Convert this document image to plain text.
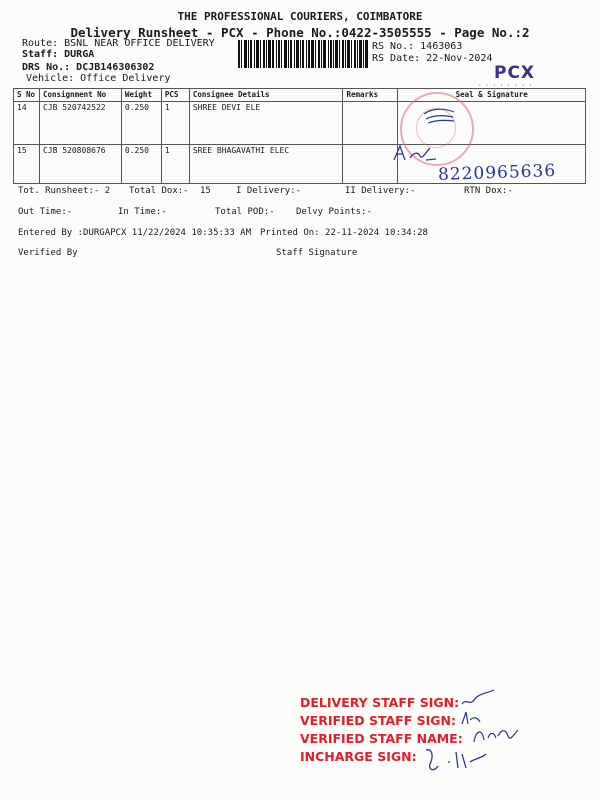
THE PROFESSIONAL COURIERS, COIMBATORE
Delivery Runsheet - PCX - Phone No.:0422-3505555 - Page No.:2
Route: BSNL NEAR OFFICE DELIVERY
Staff: DURGA
DRS No.: DCJB146306302
Vehicle: Office Delivery
RS No.: 1463063
RS Date: 22-Nov-2024
PCX
· · · · · · · ·
S No	Consignment No	Weight	PCS	Consignee Details	Remarks	Seal & Signature
14	CJB 520742522	0.250	1	SHREE DEVI ELE		
15	CJB 520808676	0.250	1	SREE BHAGAVATHI ELEC		8220965636
Tot. Runsheet:- 2 Total Dox:- 15	I Delivery:-	II Delivery:-	RTN Dox:-
Out Time:-	In Time:-	Total POD:- Delvy Points:-
Entered By :DURGAPCX 11/22/2024 10:35:33 AM Printed On: 22-11-2024 10:34:28
Verified By	Staff Signature
DELIVERY STAFF SIGN:
VERIFIED STAFF SIGN:
VERIFIED STAFF NAME:
INCHARGE SIGN:
